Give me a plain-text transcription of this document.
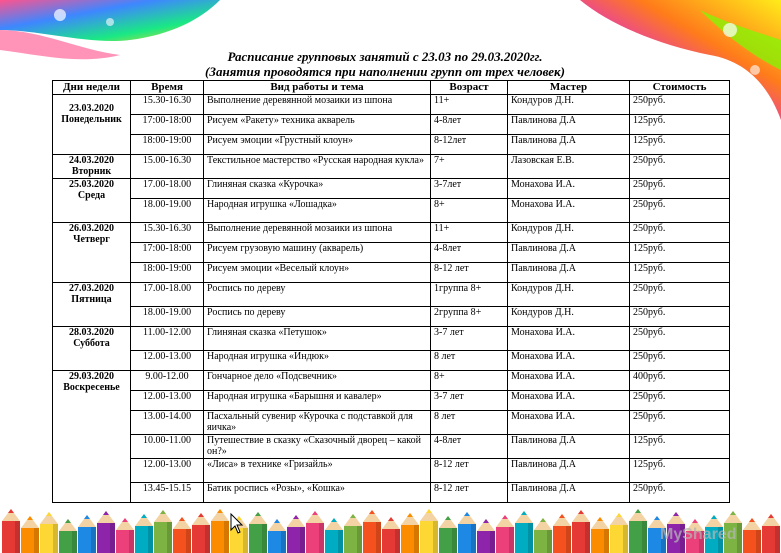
Расписание групповых занятий с 23.03 по 29.03.2020гг.
(Занятия проводятся при наполнении групп от трех человек)
Дни недели	Время	Вид работы и тема	Возраст	Мастер	Стоимость

23.03.2020
Понедельник	15.30-16.30	Выполнение деревянной мозаики из шпона	11+	Кондуров Д.Н.	250руб.
	17:00-18:00	Рисуем «Ракету» техника акварель	4-8лет	Павлинова Д.А	125руб.
	18:00-19:00	Рисуем эмоции «Грустный клоун»	8-12лет	Павлинова Д.А	125руб.

24.03.2020
Вторник	15.00-16.30	Текстильное мастерство «Русская народная кукла»	7+	Лазовская Е.В.	250руб.

25.03.2020
Среда	17.00-18.00	Глиняная сказка «Курочка»	3-7лет	Монахова И.А.	250руб.
	18.00-19.00	Народная игрушка «Лошадка»	8+	Монахова И.А.	250руб.

26.03.2020
Четверг	15.30-16.30	Выполнение деревянной мозаики из шпона	11+	Кондуров Д.Н.	250руб.
	17:00-18:00	Рисуем грузовую машину (акварель)	4-8лет	Павлинова Д.А	125руб.
	18:00-19:00	Рисуем эмоции «Веселый клоун»	8-12 лет	Павлинова Д.А	125руб.

27.03.2020
Пятница	17.00-18.00	Роспись по дереву	1группа 8+	Кондуров Д.Н.	250руб.
	18.00-19.00	Роспись по дереву	2группа 8+	Кондуров Д.Н.	250руб.

28.03.2020
Суббота	11.00-12.00	Глиняная сказка «Петушок»	3-7 лет	Монахова И.А.	250руб.
	12.00-13.00	Народная игрушка «Индюк»	8 лет	Монахова И.А.	250руб.

29.03.2020
Воскресенье	9.00-12.00	Гончарное дело «Подсвечник»	8+	Монахова И.А.	400руб.
	12.00-13.00	Народная игрушка «Барышня и кавалер»	3-7 лет	Монахова И.А.	250руб.
	13.00-14.00	Пасхальный сувенир «Курочка с подставкой для яичка»	8 лет	Монахова И.А.	250руб.
	10.00-11.00	Путешествие в сказку «Сказочный дворец – какой он?»	4-8лет	Павлинова Д.А	125руб.
	12.00-13.00	«Лиса» в технике «Гризайль»	8-12 лет	Павлинова Д.А	125руб.
	13.45-15.15	Батик роспись «Розы», «Кошка»	8-12 лет	Павлинова Д.А	250руб.
MyShared
